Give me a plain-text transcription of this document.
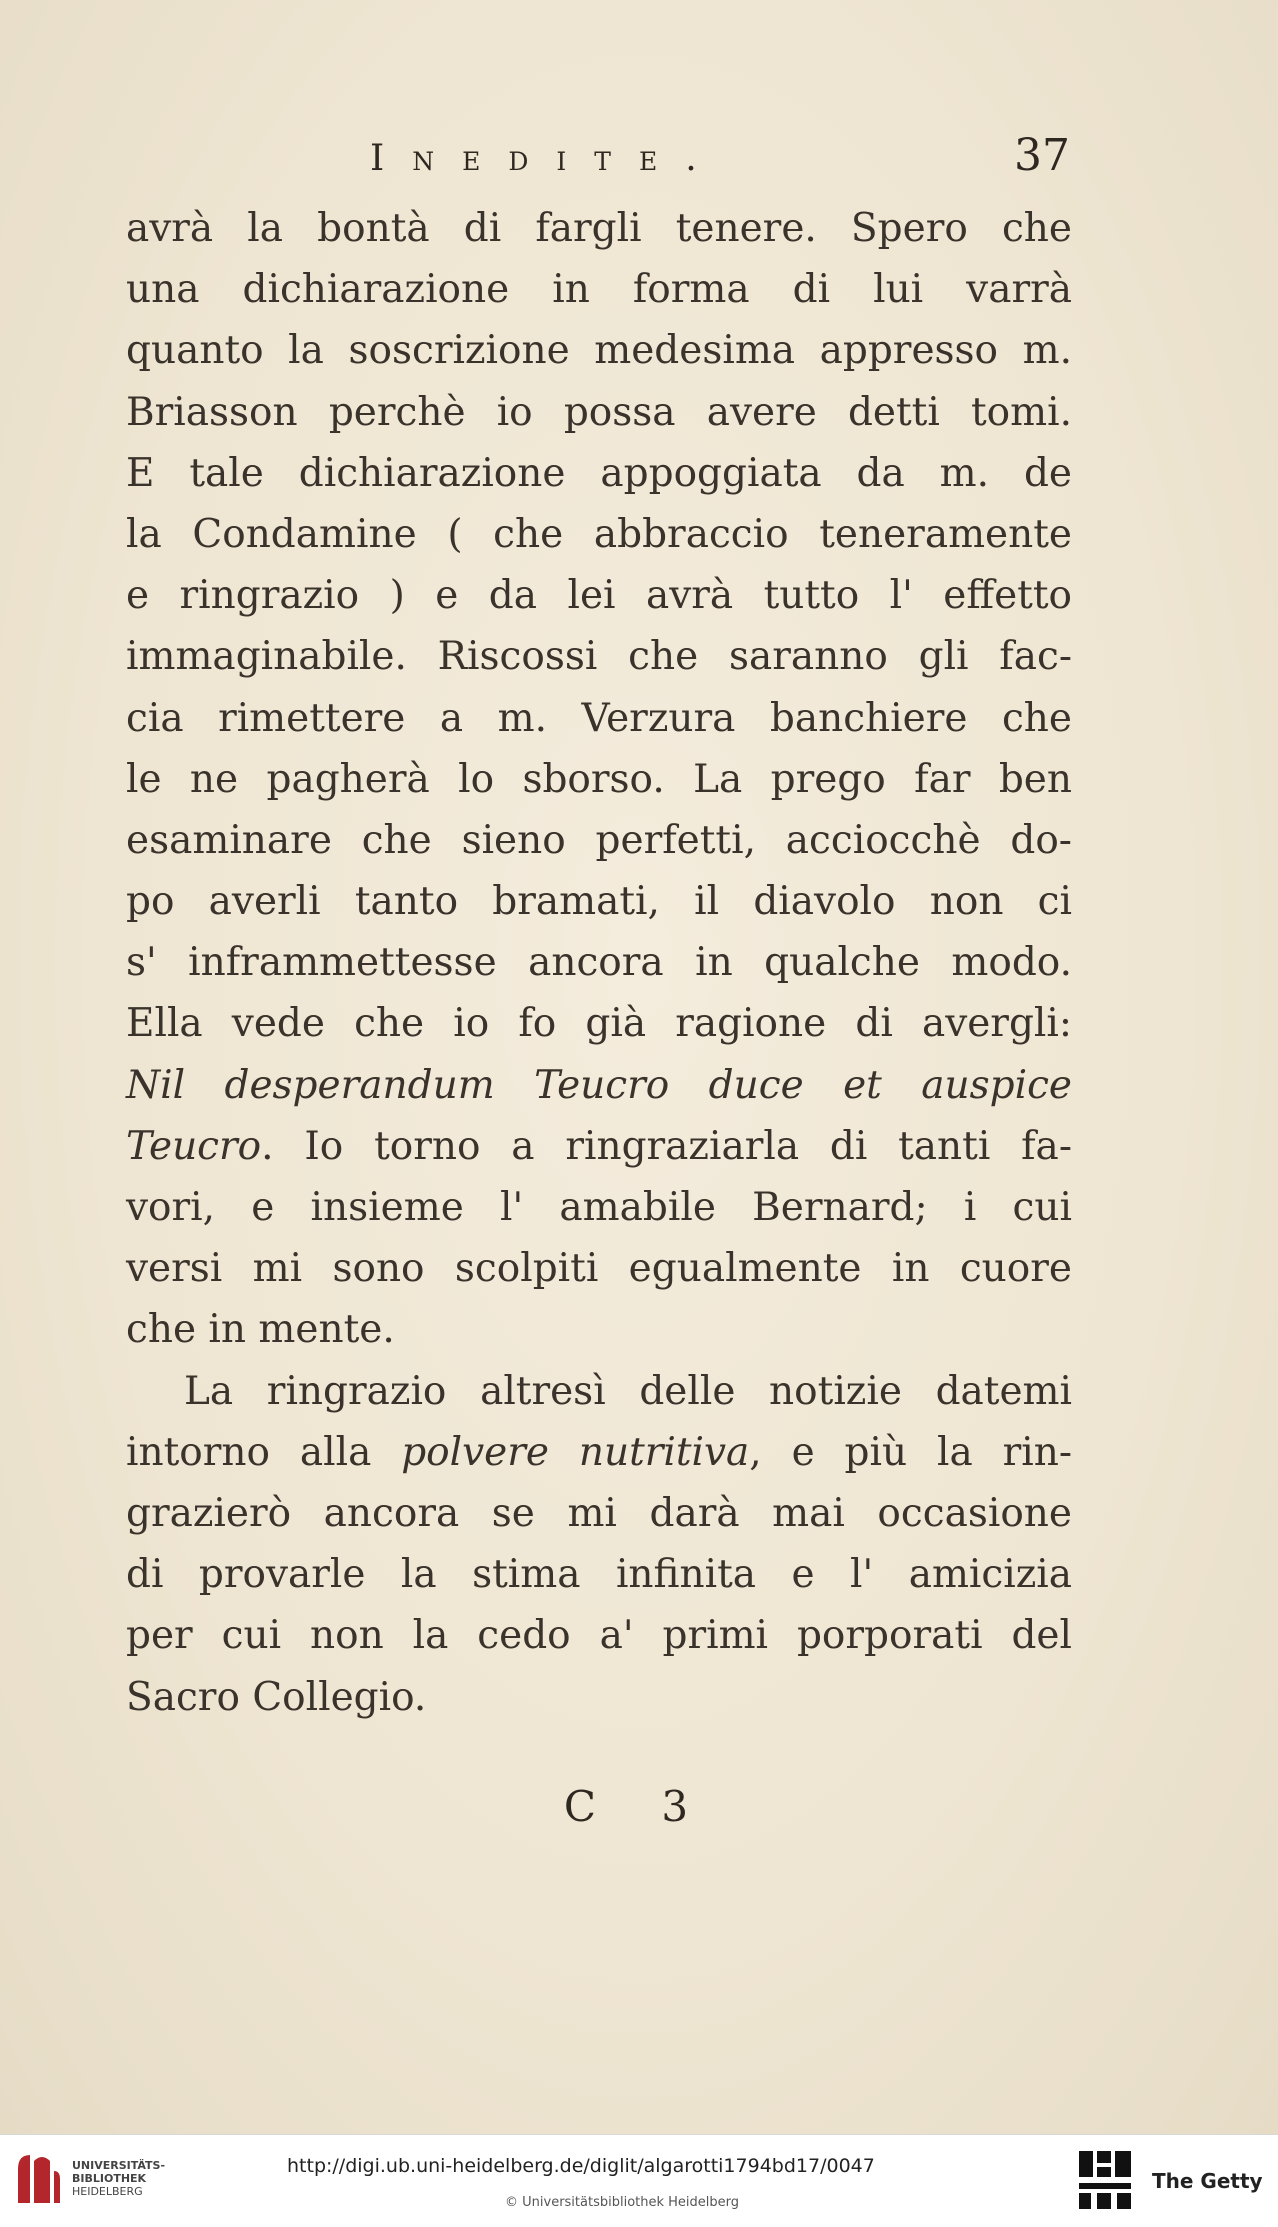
Inedite.	37
avrà la bontà di fargli tenere. Spero che
una dichiarazione in forma di lui varrà
quanto la soscrizione medesima appresso m.
Briasson perchè io possa avere detti tomi.
E tale dichiarazione appoggiata da m. de
la Condamine ( che abbraccio teneramente
e ringrazio ) e da lei avrà tutto l' effetto
immaginabile. Riscossi che saranno gli fac-
cia rimettere a m. Verzura banchiere che
le ne pagherà lo sborso. La prego far ben
esaminare che sieno perfetti, acciocchè do-
po averli tanto bramati, il diavolo non ci
s' inframmettesse ancora in qualche modo.
Ella vede che io fo già ragione di avergli:
Nil desperandum Teucro duce et auspice
Teucro. Io torno a ringraziarla di tanti fa-
vori, e insieme l' amabile Bernard; i cui
versi mi sono scolpiti egualmente in cuore
che in mente.
La ringrazio altresì delle notizie datemi
intorno alla polvere nutritiva, e più la rin-
grazierò ancora se mi darà mai occasione
di provarle la stima infinita e l' amicizia
per cui non la cedo a' primi porporati del
Sacro Collegio.
C 3
UNIVERSITÄTS-
BIBLIOTHEK
HEIDELBERG
http://digi.ub.uni-heidelberg.de/diglit/algarotti1794bd17/0047
© Universitätsbibliothek Heidelberg
The Getty
